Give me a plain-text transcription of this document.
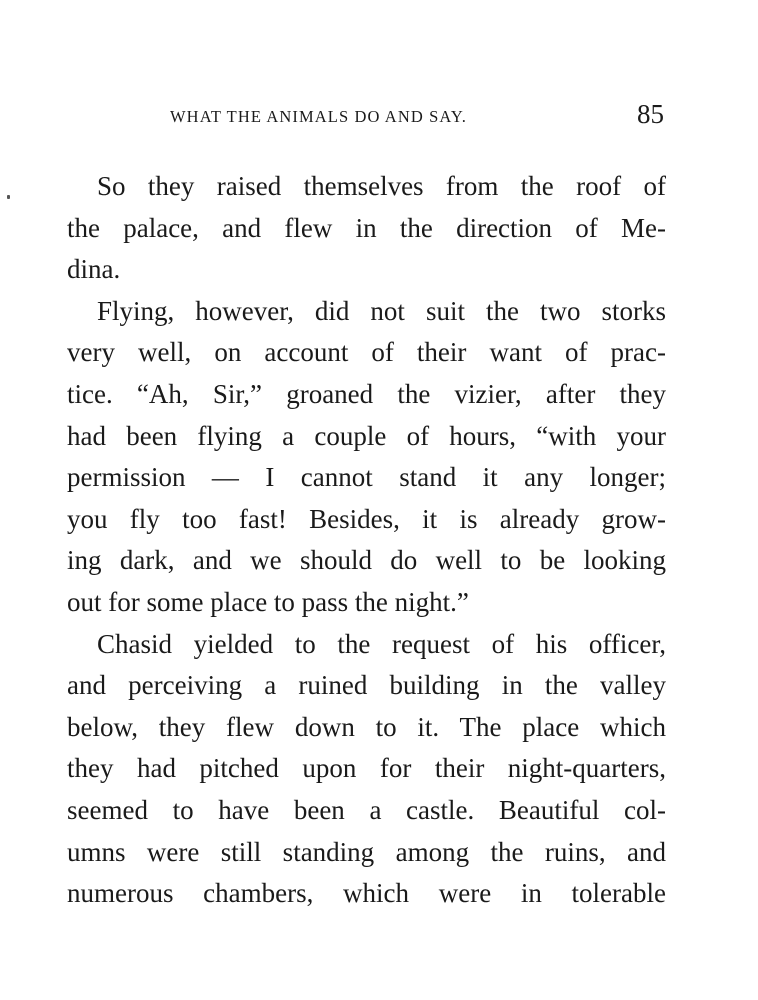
WHAT THE ANIMALS DO AND SAY.	85
So they raised themselves from the roof of
the palace, and flew in the direction of Me-
dina.
Flying, however, did not suit the two storks
very well, on account of their want of prac-
tice. “Ah, Sir,” groaned the vizier, after they
had been flying a couple of hours, “with your
permission — I cannot stand it any longer;
you fly too fast! Besides, it is already grow-
ing dark, and we should do well to be looking
out for some place to pass the night.”
Chasid yielded to the request of his officer,
and perceiving a ruined building in the valley
below, they flew down to it. The place which
they had pitched upon for their night-quarters,
seemed to have been a castle. Beautiful col-
umns were still standing among the ruins, and
numerous chambers, which were in tolerable
